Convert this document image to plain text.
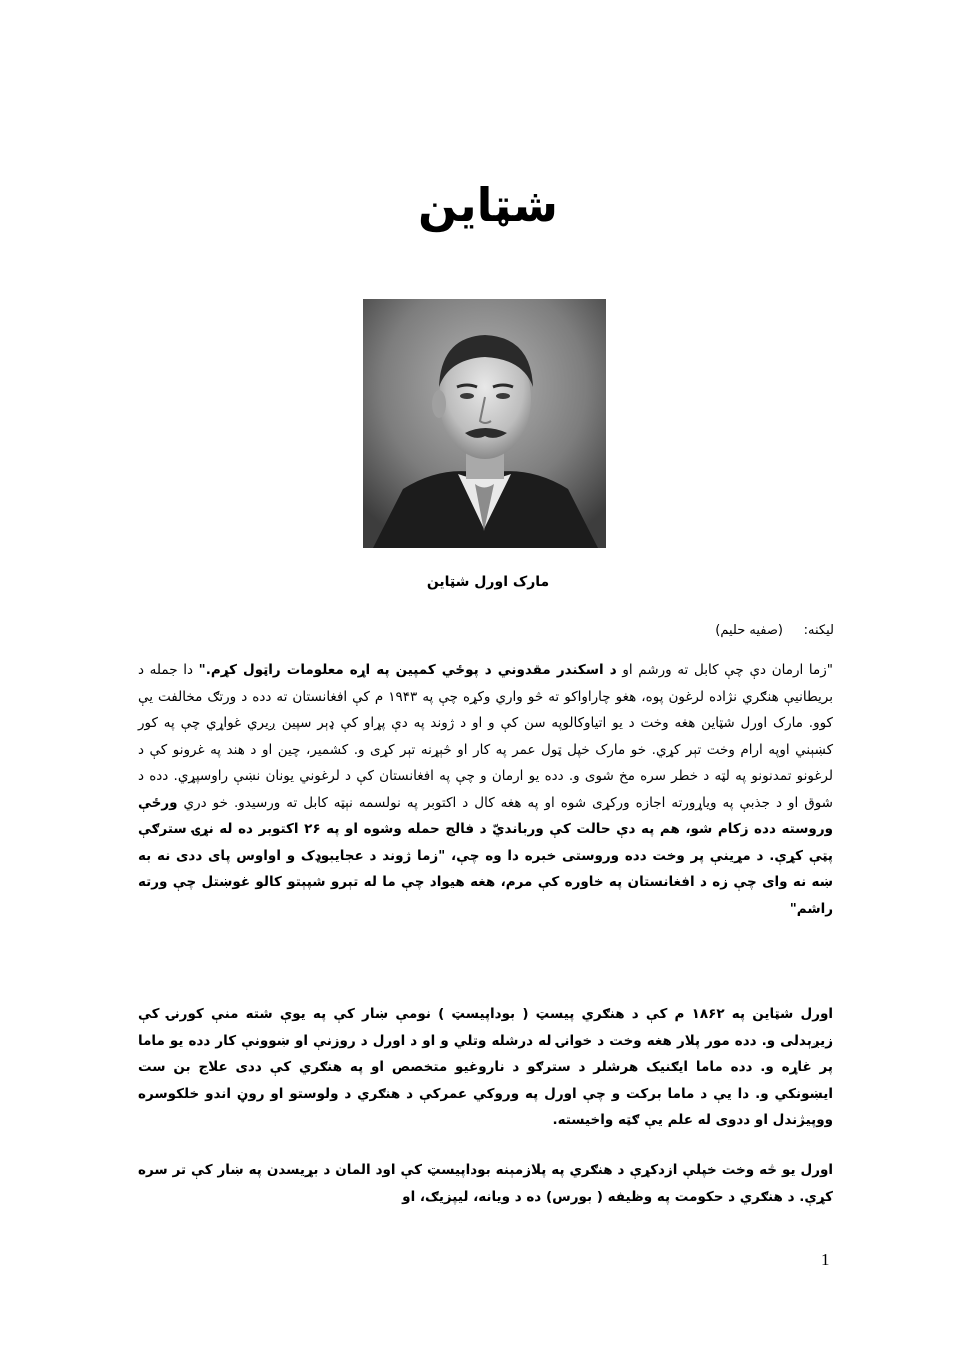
شټاین
مارک اورل شټاین
لیکنه:     (صفیه حلیم)
"زما ارمان دې چې کابل ته ورشم او د اسکندر مقدوني د پوځي کمپین په اړه معلومات راټول کړم." دا جمله د بریطانیې هنګري نژاده لرغون پوه، هغو چاراواکو ته څو واري وکړه چې په ۱۹۴۳ م کې افغانستان ته دده د ورتګ مخالفت یې کوو. مارک اورل شټاین هغه وخت د یو اتیاوکالوپه سن کې و او د ژوند په دې پړاو کې ډېر سپین ږیري غواړي چې په کور کښېني اوپه ارام وخت تېر کړي. خو مارک خپل ټول عمر په کار او څېړنه تېر کړی و. کشمیر، چین او د هند په غرونو کې د لرغونو تمدنونو په لټه د خطر سره مخ شوی و. دده یو ارمان و چې په افغانستان کې د لرغوني یونان نښې راوسپړي. دده د شوق او د جذبې په وياړورته اجازه ورکړی شوه او په هغه کال د اکتوبر په نولسمه نېټه کابل ته ورسیدو. خو دري ورځې وروسته دده زکام شو، هم په دې حالت کې وربانديّ د فالج حمله وشوه او په ۲۶ اکتوبر ده له نړۍ سترګې پټې کړې. د مړینې پر وخت دده وروستی خبره دا وه چې، "زما ژوند د عجایبوډک و اواوس پای ددی نه به ښه نه وای چې زه د افغانستان په خاوره کې مرم، هغه هیواد چې ما له تېرو شپېتو کالو غوښتل چې ورته راشم"
اورل شټاین په ۱۸۶۲ م کې د هنګري پیسټ ( بوداپیسټ ) نومې ښار کې په یوې شته منې کورنۍ کې زیږېدلی و. دده مور پلار هغه وخت د خوانۍ له درشله وتلي و او د اورل د روزنې او ښوونې کار دده یو ماما پر غاړه و. دده ماما ایګنیک هرشلر د سترګو د ناروغیو متخصص او په هنګري کې ددی علاج بن ست ایښونکي و. دا یې د ماما برکت و چې اورل په وروکي عمرکې د هنګري د ولوستو او روڼ اندو خلکوسره ووپیژندل او ددوی له علم یې ګټه واخیسته.
اورل یو څه وخت خپلې ازدکړې د هنګري په پلازمېنه بوداپیسټ کې اود المان د بړیسدن په ښار کې تر سره کړې. د هنګري د حکومت په وظیفه ( بورس) ده د ویانه، لیپزیګ، او
1
